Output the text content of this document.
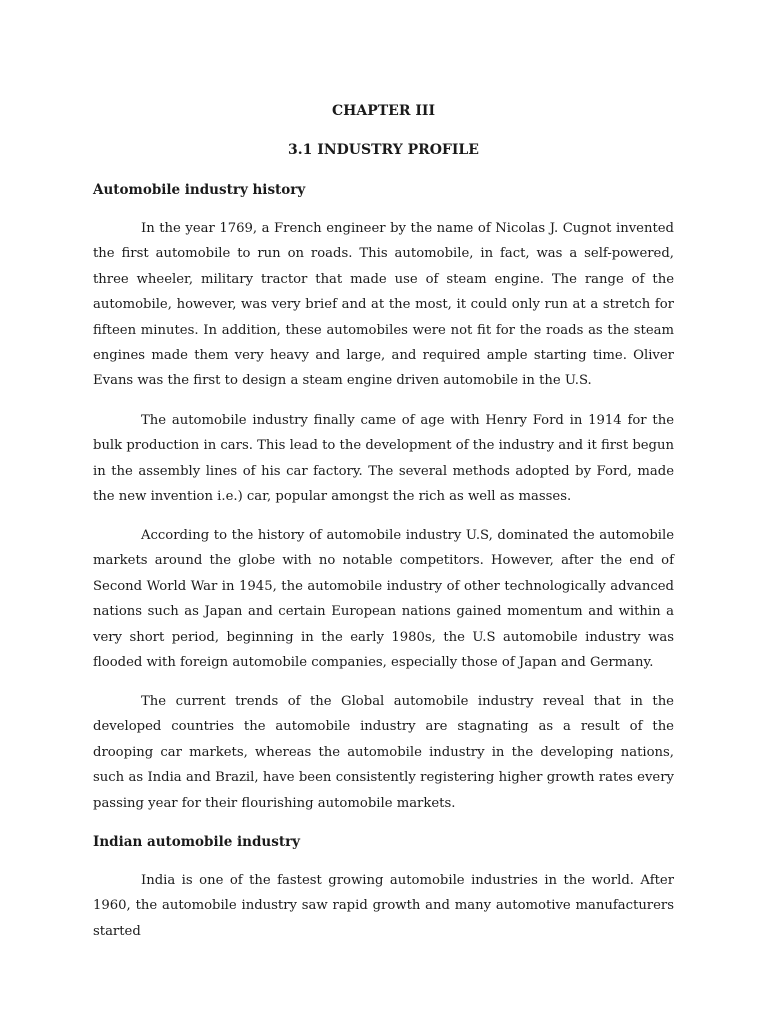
CHAPTER III
3.1 INDUSTRY PROFILE
Automobile industry history

In the year 1769, a French engineer by the name of Nicolas J. Cugnot invented the first automobile to run on roads. This automobile, in fact, was a self-powered, three wheeler, military tractor that made use of steam engine. The range of the automobile, however, was very brief and at the most, it could only run at a stretch for fifteen minutes. In addition, these automobiles were not fit for the roads as the steam engines made them very heavy and large, and required ample starting time. Oliver Evans was the first to design a steam engine driven automobile in the U.S.

The automobile industry finally came of age with Henry Ford in 1914 for the bulk production in cars. This lead to the development of the industry and it first begun in the assembly lines of his car factory. The several methods adopted by Ford, made the new invention i.e.) car, popular amongst the rich as well as masses.

According to the history of automobile industry U.S, dominated the automobile markets around the globe with no notable competitors. However, after the end of Second World War in 1945, the automobile industry of other technologically advanced nations such as Japan and certain European nations gained momentum and within a very short period, beginning in the early 1980s, the U.S automobile industry was flooded with foreign automobile companies, especially those of Japan and Germany.

The current trends of the Global automobile industry reveal that in the developed countries the automobile industry are stagnating as a result of the drooping car markets, whereas the automobile industry in the developing nations, such as India and Brazil, have been consistently registering higher growth rates every passing year for their flourishing automobile markets.

Indian automobile industry

India is one of the fastest growing automobile industries in the world. After 1960, the automobile industry saw rapid growth and many automotive manufacturers started
